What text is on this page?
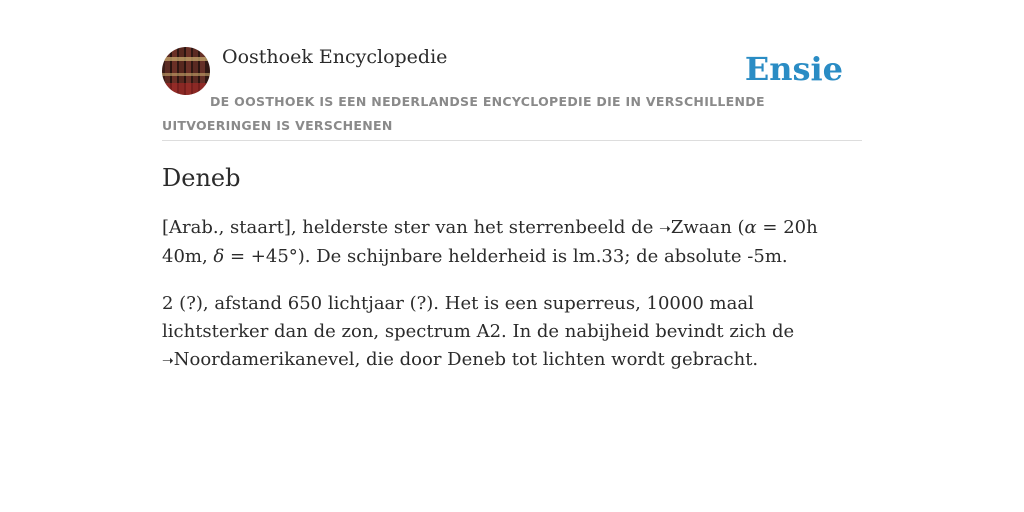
Oosthoek Encyclopedie	Ensie
DE OOSTHOEK IS EEN NEDERLANDSE ENCYCLOPEDIE DIE IN VERSCHILLENDE UITVOERINGEN IS VERSCHENEN
Deneb

[Arab., staart], helderste ster van het sterrenbeeld de ➝Zwaan (α = 20h 40m, δ = +45°). De schijnbare helderheid is lm.33; de absolute -5m.

2 (?), afstand 650 lichtjaar (?). Het is een superreus, 10000 maal lichtsterker dan de zon, spectrum A2. In de nabijheid bevindt zich de ➝Noordamerikanevel, die door Deneb tot lichten wordt gebracht.
